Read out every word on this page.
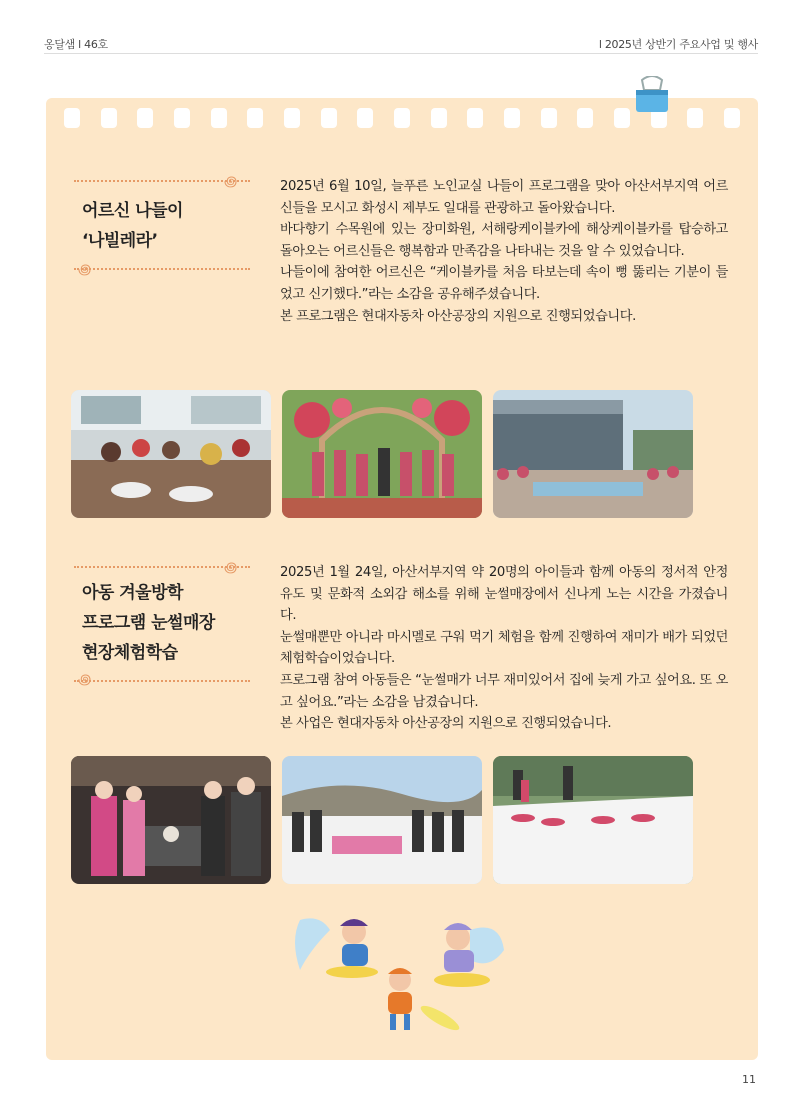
옹달샘 l 46호	l 2025년 상반기 주요사업 및 행사
꩜
어르신 나들이
‘나빌레라’
꩜

2025년 6월 10일, 늘푸른 노인교실 나들이 프로그램을 맞아 아산서부지역 어르신들을 모시고 화성시 제부도 일대를 관광하고 돌아왔습니다.

바다향기 수목원에 있는 장미화원, 서해랑케이블카에 해상케이블카를 탑승하고 돌아오는 어르신들은 행복함과 만족감을 나타내는 것을 알 수 있었습니다.

나들이에 참여한 어르신은 “케이블카를 처음 타보는데 속이 뻥 뚫리는 기분이 들었고 신기했다.”라는 소감을 공유해주셨습니다.

본 프로그램은 현대자동차 아산공장의 지원으로 진행되었습니다.

꩜
아동 겨울방학
프로그램 눈썰매장
현장체험학습
꩜

2025년 1월 24일, 아산서부지역 약 20명의 아이들과 함께 아동의 정서적 안정 유도 및 문화적 소외감 해소를 위해 눈썰매장에서 신나게 노는 시간을 가졌습니다.

눈썰매뿐만 아니라 마시멜로 구워 먹기 체험을 함께 진행하여 재미가 배가 되었던 체험학습이었습니다.

프로그램 참여 아동들은 “눈썰매가 너무 재미있어서 집에 늦게 가고 싶어요. 또 오고 싶어요.”라는 소감을 남겼습니다.

본 사업은 현대자동차 아산공장의 지원으로 진행되었습니다.

11
